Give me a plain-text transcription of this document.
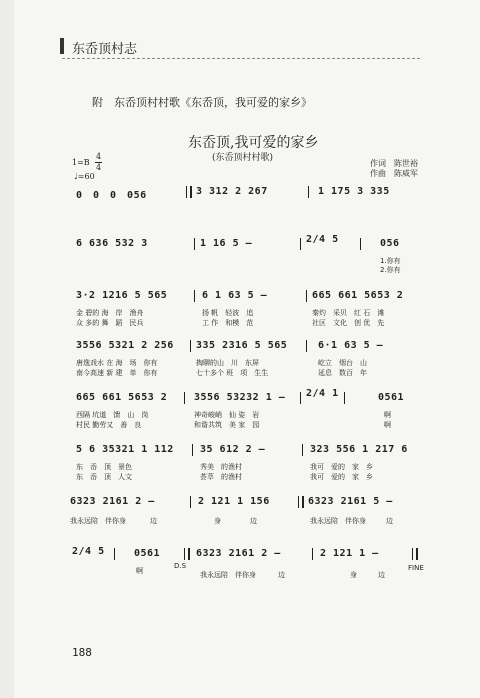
东岙顶村志
附　东岙顶村村歌《东岙顶，我可爱的家乡》
东岙顶,我可爱的家乡
(东岙顶村村歌)
1=B
4
4
♩=60
作词　陈世裕
作曲　陈威军
0　0　0　056	3 312 2 267	1 175 3 335
6 636 532 3	1 16 5 —	2/4 5	056
1.你有
2.你有
3·2 1216 5 565	6 1 63 5 —	665 661 5653 2
金 碧的 海　岸　渔舟	扬 帆　轻波　追	秦灼　采贝　红 石　滩
众 多的 舞　蹈　民兵	工 作　和模　范	社区　文化　创 优　先
3556 5321 2 256 335 2316 5 565	6·1 63 5 —
唐逸戏水 在 海　场　你有	掏聊的山　川　东屏	屹立　烟台　山
南今高速 新 建　单　你有	七十多个 班　项　生生	延息　数百　年
665 661 5653 2	3556 53232 1 — 2/4 1	0561
西隔 坑道　馈　山　岗	神奇峻峭　仙 姿　岩	啊
村民 勤劳又　善　良	和谐共筑　美 家　园	啊
5 6 35321 1 112	35 612 2 —	323 556 1 217 6
东　岙　顶　景色	秀美　的渔村	我可　爱的　家　乡
东　岙　顶　人文	荟萃　的渔村	我可　爱的　家　乡
6323 2161 2 —	2 121 1 156	6323 2161 5 —
我永远陪　伴你身	边	身	边	我永远陪　伴你身	边
2/4 5	0561	6323 2161 2 —	2 121 1 —
啊
D.S
我永远陪　伴你身	边	身	边
FINE
188
